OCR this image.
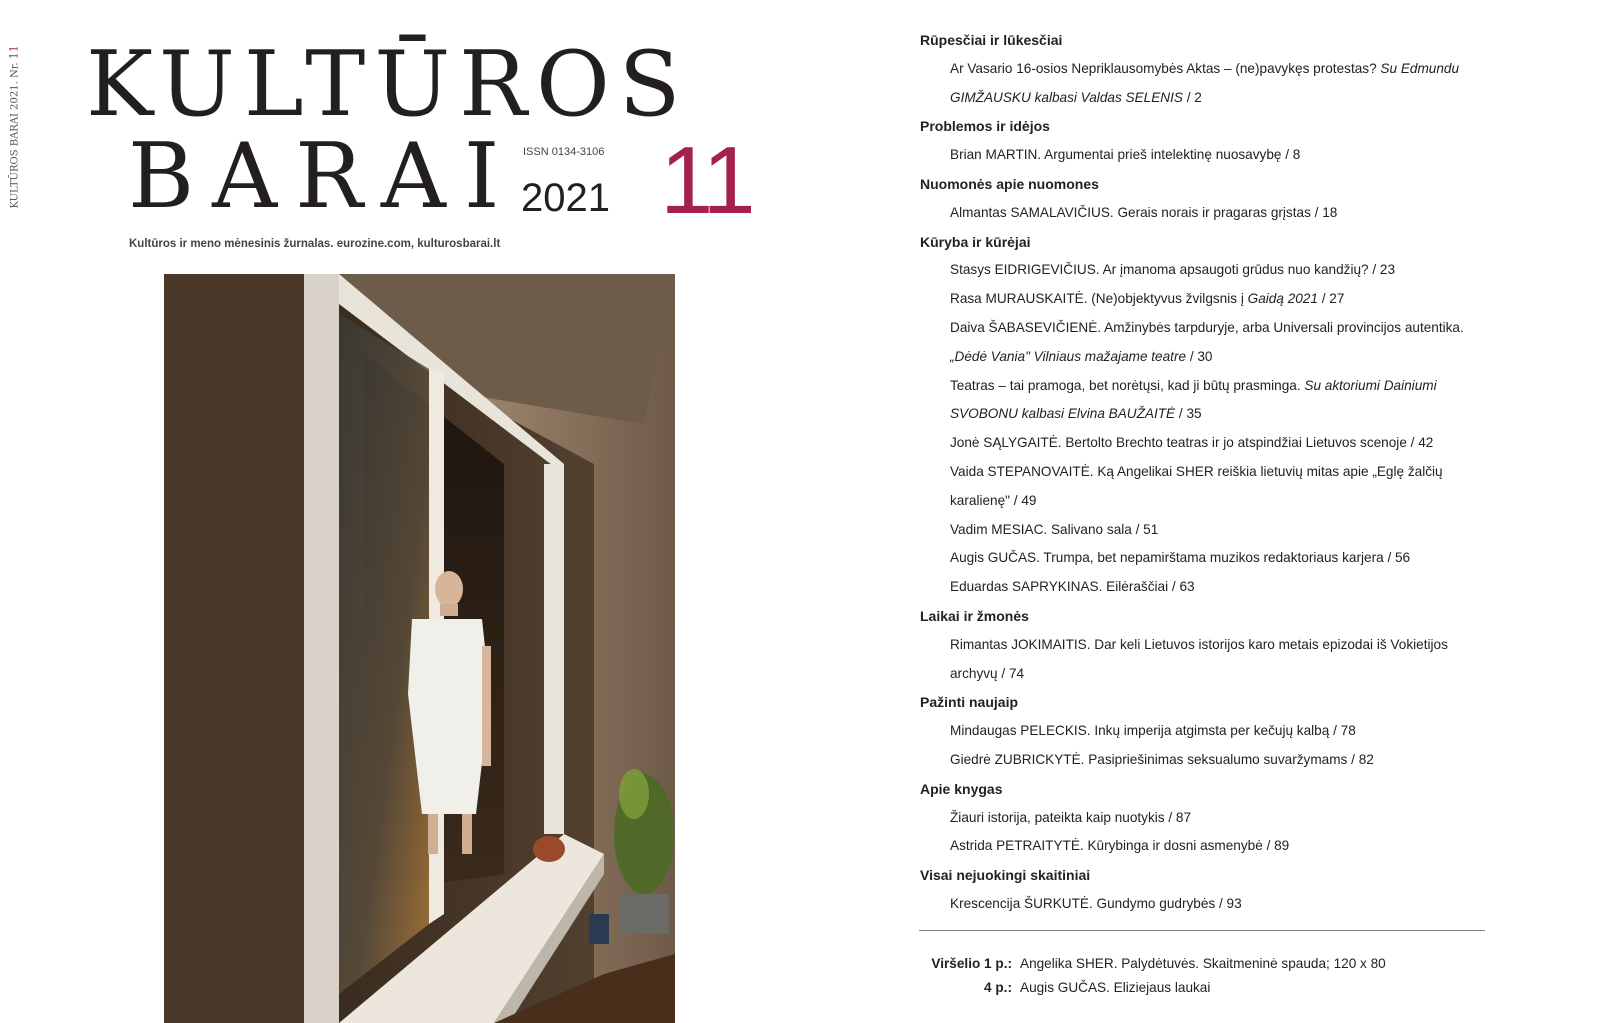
KULTŪROS BARAI 2021. Nr. 11 KULTŪROS
BARAI ISSN 0134-3106
2021 11
Kultūros ir meno mėnesinis žurnalas. eurozine.com, kulturosbarai.lt
Rūpesčiai ir lūkesčiai
Ar Vasario 16-osios Nepriklausomybės Aktas – (ne)pavykęs protestas? Su Edmundu GIMŽAUSKU kalbasi Valdas SELENIS / 2
Problemos ir idėjos
Brian MARTIN. Argumentai prieš intelektinę nuosavybę / 8
Nuomonės apie nuomones
Almantas SAMALAVIČIUS. Gerais norais ir pragaras grįstas / 18
Kūryba ir kūrėjai
Stasys EIDRIGEVIČIUS. Ar įmanoma apsaugoti grūdus nuo kandžių? / 23
Rasa MURAUSKAITĖ. (Ne)objektyvus žvilgsnis į Gaidą 2021 / 27
Daiva ŠABASEVIČIENĖ. Amžinybės tarpduryje, arba Universali provincijos autentika. „Dėdė Vania" Vilniaus mažajame teatre / 30
Teatras – tai pramoga, bet norėtųsi, kad ji būtų prasminga. Su aktoriumi Dainiumi SVOBONU kalbasi Elvina BAUŽAITĖ / 35
Jonė SĄLYGAITĖ. Bertolto Brechto teatras ir jo atspindžiai Lietuvos scenoje / 42
Vaida STEPANOVAITĖ. Ką Angelikai SHER reiškia lietuvių mitas apie „Eglę žalčių karalienę" / 49
Vadim MESIAC. Salivano sala / 51
Augis GUČAS. Trumpa, bet nepamirštama muzikos redaktoriaus karjera / 56
Eduardas SAPRYKINAS. Eilėraščiai / 63
Laikai ir žmonės
Rimantas JOKIMAITIS. Dar keli Lietuvos istorijos karo metais epizodai iš Vokietijos archyvų / 74
Pažinti naujaip
Mindaugas PELECKIS. Inkų imperija atgimsta per kečujų kalbą / 78
Giedrė ZUBRICKYTĖ. Pasipriešinimas seksualumo suvaržymams / 82
Apie knygas
Žiauri istorija, pateikta kaip nuotykis / 87
Astrida PETRAITYTĖ. Kūrybinga ir dosni asmenybė / 89
Visai nejuokingi skaitiniai
Krescencija ŠURKUTĖ. Gundymo gudrybės / 93
Viršelio 1 p.: Angelika SHER. Palydėtuvės. Skaitmeninė spauda; 120 x 80
4 p.: Augis GUČAS. Eliziejaus laukai
